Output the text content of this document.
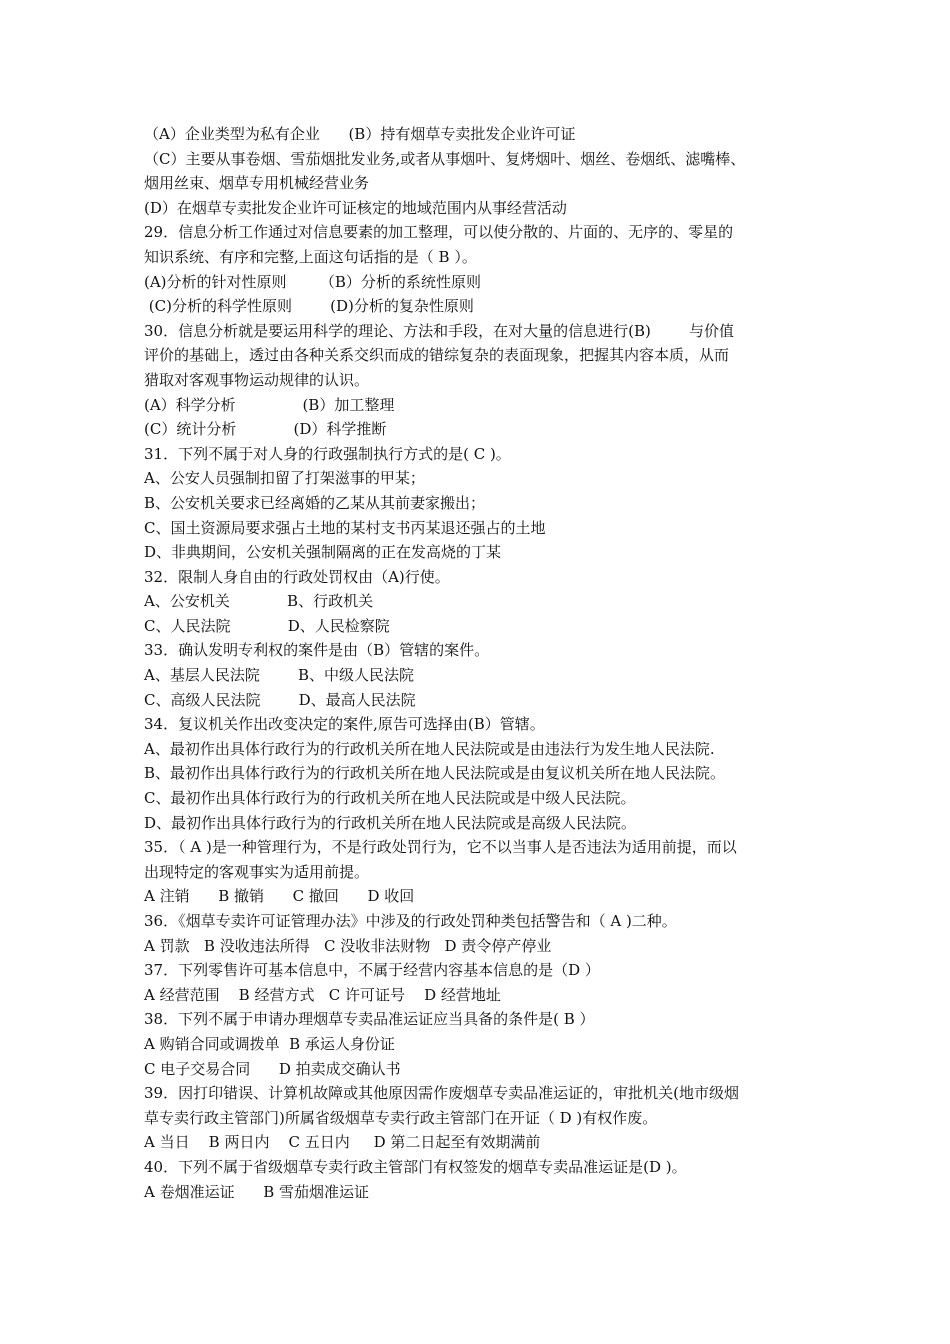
（A）企业类型为私有企业      (B）持有烟草专卖批发企业许可证
（C）主要从事卷烟、雪茄烟批发业务,或者从事烟叶、复烤烟叶、烟丝、卷烟纸、滤嘴棒、
烟用丝束、烟草专用机械经营业务
(D）在烟草专卖批发企业许可证核定的地域范围内从事经营活动
29．信息分析工作通过对信息要素的加工整理，可以使分散的、片面的、无序的、零星的
知识系统、有序和完整,上面这句话指的是（ B ）。
(A)分析的针对性原则       （B）分析的系统性原则
(C)分析的科学性原则        (D)分析的复杂性原则
30．信息分析就是要运用科学的理论、方法和手段，在对大量的信息进行(B)        与价值
评价的基础上，透过由各种关系交织而成的错综复杂的表面现象，把握其内容本质，从而
猎取对客观事物运动规律的认识。
(A）科学分析              (B）加工整理
(C）统计分析            (D）科学推断
31．下列不属于对人身的行政强制执行方式的是( C )。
A、公安人员强制扣留了打架滋事的甲某；
B、公安机关要求已经离婚的乙某从其前妻家搬出；
C、国土资源局要求强占土地的某村支书丙某退还强占的土地
D、非典期间，公安机关强制隔离的正在发高烧的丁某
32．限制人身自由的行政处罚权由（A)行使。
A、公安机关            B、行政机关
C、人民法院            D、人民检察院
33．确认发明专利权的案件是由（B）管辖的案件。
A、基层人民法院        B、中级人民法院
C、高级人民法院        D、最高人民法院
34．复议机关作出改变决定的案件,原告可选择由(B）管辖。
A、最初作出具体行政行为的行政机关所在地人民法院或是由违法行为发生地人民法院.
B、最初作出具体行政行为的行政机关所在地人民法院或是由复议机关所在地人民法院。
C、最初作出具体行政行为的行政机关所在地人民法院或是中级人民法院。
D、最初作出具体行政行为的行政机关所在地人民法院或是高级人民法院。
35．（ A )是一种管理行为，不是行政处罚行为，它不以当事人是否违法为适用前提，而以
出现特定的客观事实为适用前提。
A 注销      B 撤销      C 撤回      D 收回
36．《烟草专卖许可证管理办法》中涉及的行政处罚种类包括警告和（ A )二种。
A 罚款   B 没收违法所得   C 没收非法财物   D 责令停产停业
37．下列零售许可基本信息中，不属于经营内容基本信息的是（D ）
A 经营范围    B 经营方式   C 许可证号    D 经营地址
38．下列不属于申请办理烟草专卖品准运证应当具备的条件是( B ）
A 购销合同或调拨单  B 承运人身份证
C 电子交易合同      D 拍卖成交确认书
39．因打印错误、计算机故障或其他原因需作废烟草专卖品准运证的，审批机关(地市级烟
草专卖行政主管部门)所属省级烟草专卖行政主管部门在开证（ D )有权作废。
A 当日    B 两日内    C 五日内     D 第二日起至有效期满前
40．下列不属于省级烟草专卖行政主管部门有权签发的烟草专卖品准运证是(D )。
A 卷烟准运证      B 雪茄烟准运证
